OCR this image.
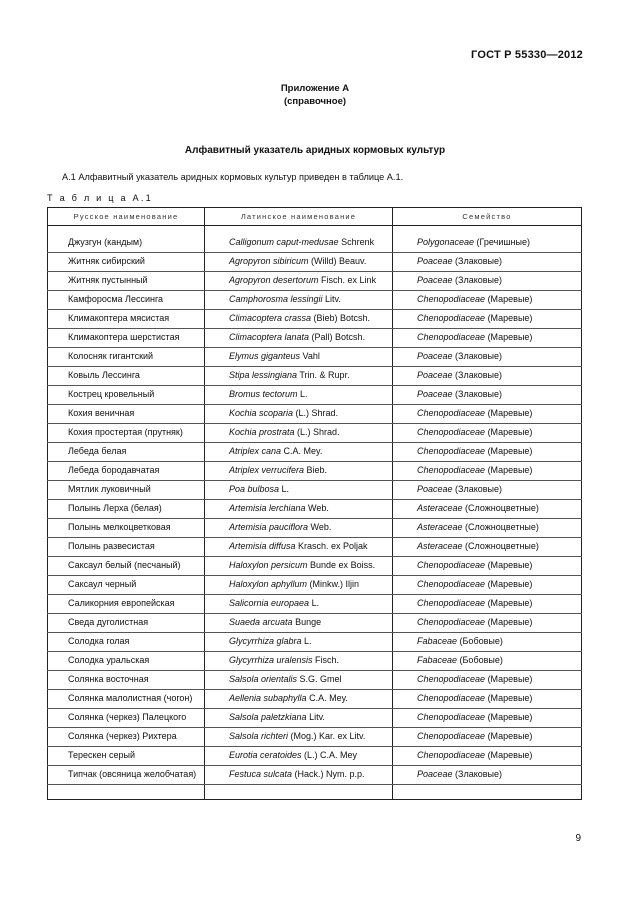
ГОСТ Р 55330—2012
Приложение А
(справочное)
Алфавитный указатель аридных кормовых культур
А.1 Алфавитный указатель аридных кормовых культур приведен в таблице А.1.
Т а б л и ц а А.1
Русское наименование	Латинское наименование	Семейство

Джузгун (кандым)	Calligonum caput-medusae Schrenk	Polygonaceae (Гречишные)

Житняк сибирский	Agropyron sibiricum (Willd) Beauv.	Poaceae (Злаковые)

Житняк пустынный	Agropyron desertorum Fisch. ex Link	Poaceae (Злаковые)

Камфоросма Лессинга	Camphorosma lessingii Litv.	Chenopodiaceae (Маревые)

Климакоптера мясистая	Climacoptera crassa (Bieb) Botcsh.	Chenopodiaceae (Маревые)

Климакоптера шерстистая	Climacoptera lanata (Pall) Botcsh.	Chenopodiaceae (Маревые)

Колосняк гигантский	Elymus giganteus Vahl	Poaceae (Злаковые)

Ковыль Лессинга	Stipa lessingiana Trin. & Rupr.	Poaceae (Злаковые)

Кострец кровельный	Bromus tectorum L.	Poaceae (Злаковые)

Кохия веничная	Kochia scoparia (L.) Shrad.	Chenopodiaceae (Маревые)

Кохия простертая (прутняк)	Kochia prostrata (L.) Shrad.	Chenopodiaceae (Маревые)

Лебеда белая	Atriplex cana C.A. Mey.	Chenopodiaceae (Маревые)

Лебеда бородавчатая	Atriplex verrucifera Bieb.	Chenopodiaceae (Маревые)

Мятлик луковичный	Poa bulbosa L.	Poaceae (Злаковые)

Полынь Лерха (белая)	Artemisia lerchiana Web.	Asteraceae (Сложноцветные)

Полынь мелкоцветковая	Artemisia pauciflora Web.	Asteraceae (Сложноцветные)

Полынь развесистая	Artemisia diffusa Krasch. ex Poljak	Asteraceae (Сложноцветные)

Саксаул белый (песчаный)	Haloxylon persicum Bunde ex Boiss.	Chenopodiaceae (Маревые)

Саксаул черный	Haloxylon aphyllum (Minkw.) Iljin	Chenopodiaceae (Маревые)

Саликорния европейская	Salicornia europaea L.	Chenopodiaceae (Маревые)

Сведа дуголистная	Suaeda arcuata Bunge	Chenopodiaceae (Маревые)

Солодка голая	Glycyrrhiza glabra L.	Fabaceae (Бобовые)

Солодка уральская	Glycyrrhiza uralensis Fisch.	Fabaceae (Бобовые)

Солянка восточная	Salsola orientalis S.G. Gmel	Chenopodiaceae (Маревые)

Солянка малолистная (чогон)	Aellenia subaphylla C.A. Mey.	Chenopodiaceae (Маревые)

Солянка (черкез) Палецкого	Salsola paletzkiana Litv.	Chenopodiaceae (Маревые)

Солянка (черкез) Рихтера	Salsola richteri (Mog.) Kar. ex Litv.	Chenopodiaceae (Маревые)

Терескен серый	Eurotia ceratoides (L.) C.A. Mey	Chenopodiaceae (Маревые)

Типчак (овсяница желобчатая)	Festuca sulcata (Hack.) Nym. p.p.	Poaceae (Злаковые)

9
